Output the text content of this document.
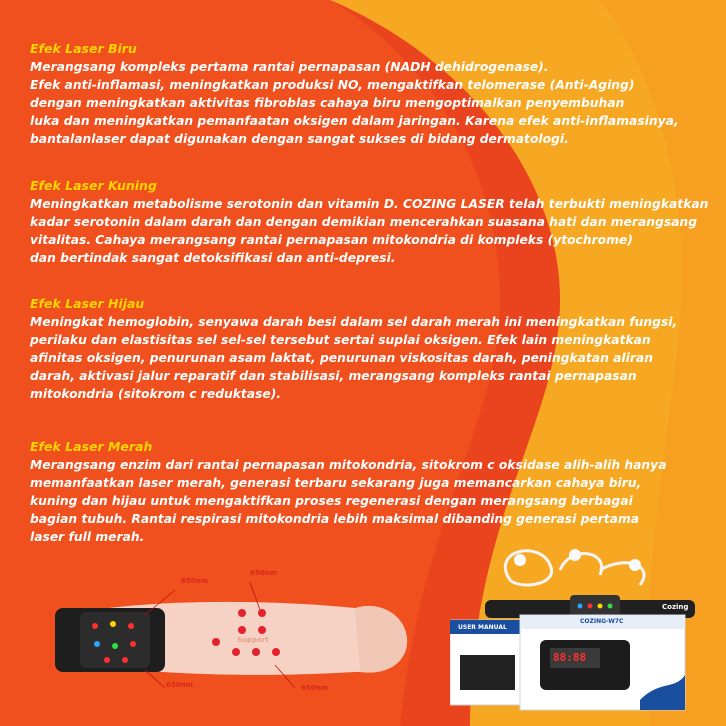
Efek Laser Biru
Merangsang kompleks pertama rantai pernapasan (NADH dehidrogenase).
Efek anti-inflamasi, meningkatkan produksi NO, mengaktifkan telomerase (Anti-Aging)
dengan meningkatkan aktivitas fibroblas cahaya biru mengoptimalkan penyembuhan
luka dan meningkatkan pemanfaatan oksigen dalam jaringan. Karena efek anti-inflamasinya,
bantalanlaser dapat digunakan dengan sangat sukses di bidang dermatologi.
Efek Laser Kuning
Meningkatkan metabolisme serotonin dan vitamin D. COZING LASER telah terbukti meningkatkan
kadar serotonin dalam darah dan dengan demikian mencerahkan suasana hati dan merangsang
vitalitas. Cahaya merangsang rantai pernapasan mitokondria di kompleks (ytochrome)
dan bertindak sangat detoksifikasi dan anti-depresi.
Efek Laser Hijau
Meningkat hemoglobin, senyawa darah besi dalam sel darah merah ini meningkatkan fungsi,
perilaku dan elastisitas sel sel-sel tersebut sertai suplai oksigen. Efek lain meningkatkan
afinitas oksigen, penurunan asam laktat, penurunan viskositas darah, peningkatan aliran
darah, aktivasi jalur reparatif dan stabilisasi, merangsang kompleks rantai pernapasan
mitokondria (sitokrom c reduktase).
Efek Laser Merah
Merangsang enzim dari rantai pernapasan mitokondria, sitokrom c oksidase alih-alih hanya
memanfaatkan laser merah, generasi terbaru sekarang juga memancarkan cahaya biru,
kuning dan hijau untuk mengaktifkan proses regenerasi dengan merangsang berbagai
bagian tubuh. Rantai respirasi mitokondria lebih maksimal dibanding generasi pertama
laser full merah.
650nm
650nm
650nm	650nm
Support
Cozing
USER MANUAL
COZING-W7C
88:88
